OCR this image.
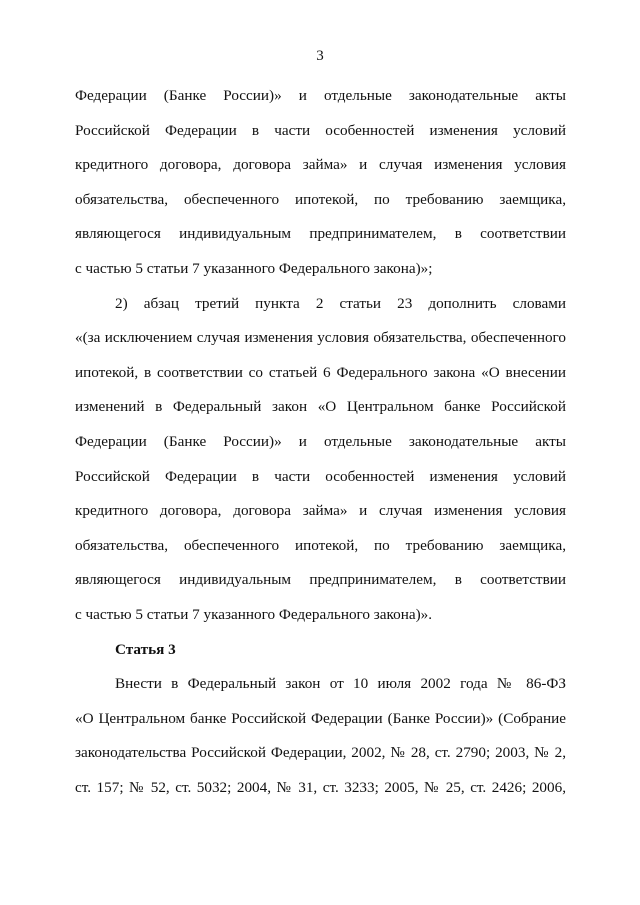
3
Федерации (Банке России)» и отдельные законодательные акты
Российской Федерации в части особенностей изменения условий
кредитного договора, договора займа» и случая изменения условия
обязательства, обеспеченного ипотекой, по требованию заемщика,
являющегося индивидуальным предпринимателем, в соответствии
с частью 5 статьи 7 указанного Федерального закона)»;
2) абзац третий пункта 2 статьи 23 дополнить словами
«(за исключением случая изменения условия обязательства, обеспеченного
ипотекой, в соответствии со статьей 6 Федерального закона «О внесении
изменений в Федеральный закон «О Центральном банке Российской
Федерации (Банке России)» и отдельные законодательные акты
Российской Федерации в части особенностей изменения условий
кредитного договора, договора займа» и случая изменения условия
обязательства, обеспеченного ипотекой, по требованию заемщика,
являющегося индивидуальным предпринимателем, в соответствии
с частью 5 статьи 7 указанного Федерального закона)».
Статья 3
Внести в Федеральный закон от 10 июля 2002 года № 86-ФЗ
«О Центральном банке Российской Федерации (Банке России)» (Собрание
законодательства Российской Федерации, 2002, № 28, ст. 2790; 2003, № 2,
ст. 157; № 52, ст. 5032; 2004, № 31, ст. 3233; 2005, № 25, ст. 2426; 2006,
